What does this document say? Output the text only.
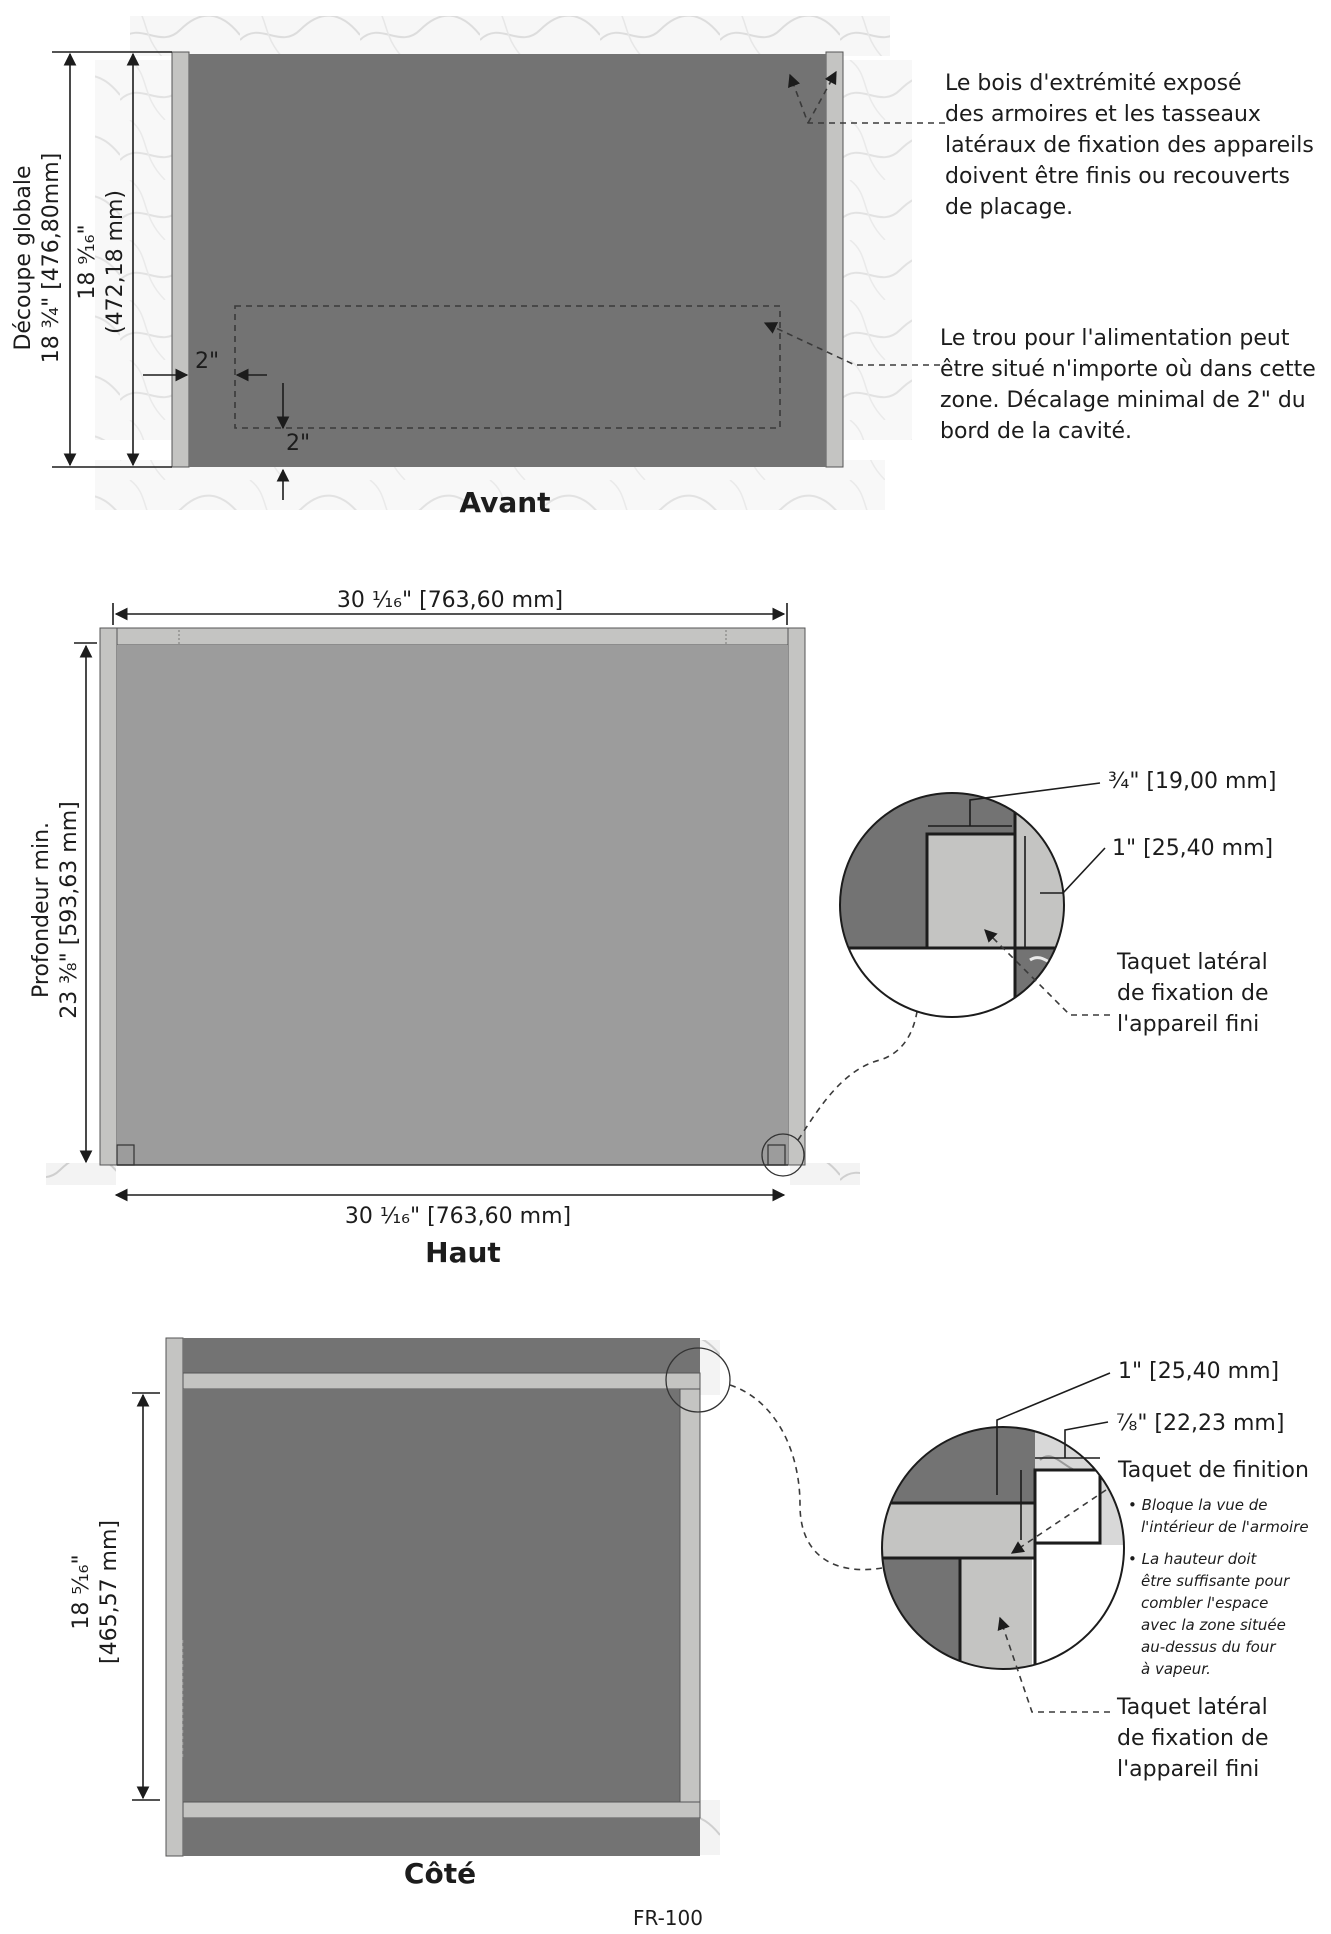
Découpe globale 18 ¾" [476,80mm] 18 ⁹⁄₁₆" (472,18 mm)
2"
2"
Le bois d'extrémité exposé
des armoires et les tasseaux
latéraux de fixation des appareils
doivent être finis ou recouverts
de placage.
Le trou pour l'alimentation peut
être situé n'importe où dans cette
zone. Décalage minimal de 2" du
bord de la cavité.
Avant
30 ¹⁄₁₆" [763,60 mm]
30 ¹⁄₁₆" [763,60 mm]
Profondeur min. 23 ⅜" [593,63 mm]
¾" [19,00 mm]
1" [25,40 mm]
Taquet latéral
de fixation de
l'appareil fini
Haut
18 ⁵⁄₁₆" [465,57 mm]
1" [25,40 mm]
⅞" [22,23 mm]
Taquet de finition
• Bloque la vue de
l'intérieur de l'armoire
• La hauteur doit
être suffisante pour
combler l'espace
avec la zone située
au-dessus du four
à vapeur.
Taquet latéral
de fixation de
l'appareil fini
Côté
FR-100
